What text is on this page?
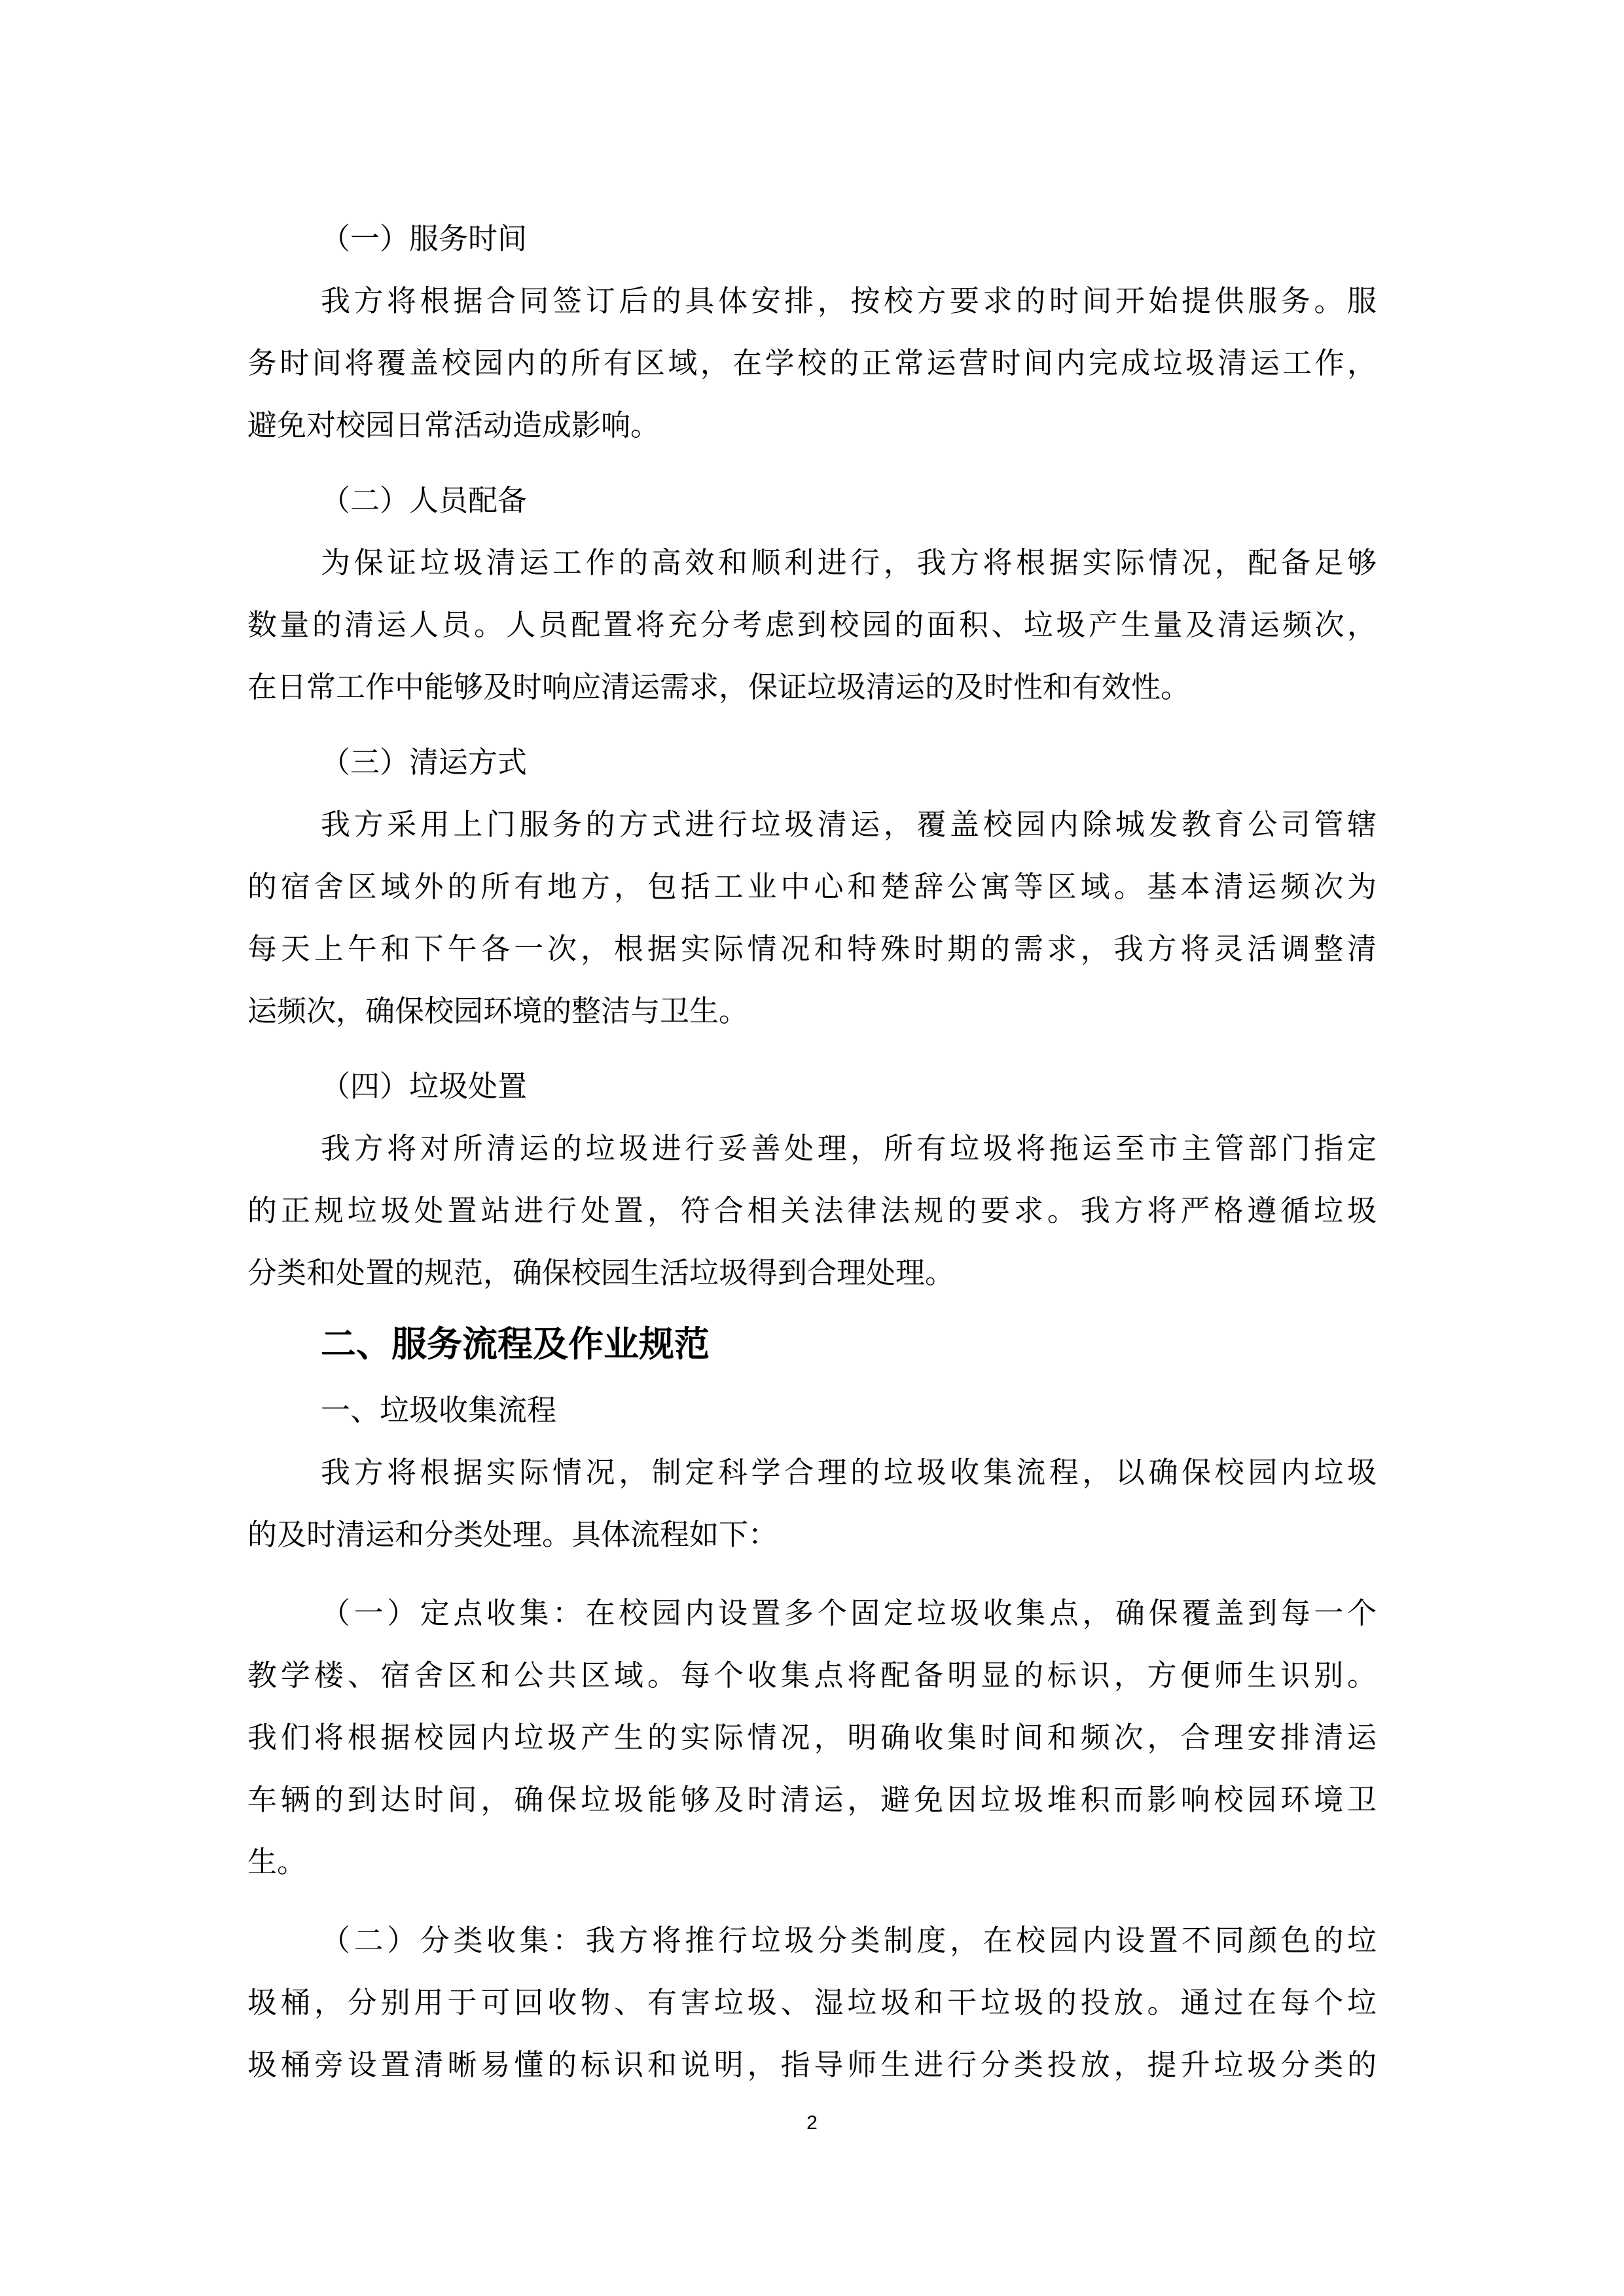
（一）服务时间
我方将根据合同签订后的具体安排，按校方要求的时间开始提供服务。服
务时间将覆盖校园内的所有区域，在学校的正常运营时间内完成垃圾清运工作，
避免对校园日常活动造成影响。
（二）人员配备
为保证垃圾清运工作的高效和顺利进行，我方将根据实际情况，配备足够
数量的清运人员。人员配置将充分考虑到校园的面积、垃圾产生量及清运频次，
在日常工作中能够及时响应清运需求，保证垃圾清运的及时性和有效性。
（三）清运方式
我方采用上门服务的方式进行垃圾清运，覆盖校园内除城发教育公司管辖
的宿舍区域外的所有地方，包括工业中心和楚辞公寓等区域。基本清运频次为
每天上午和下午各一次，根据实际情况和特殊时期的需求，我方将灵活调整清
运频次，确保校园环境的整洁与卫生。
（四）垃圾处置
我方将对所清运的垃圾进行妥善处理，所有垃圾将拖运至市主管部门指定
的正规垃圾处置站进行处置，符合相关法律法规的要求。我方将严格遵循垃圾
分类和处置的规范，确保校园生活垃圾得到合理处理。
二、服务流程及作业规范
一、垃圾收集流程
我方将根据实际情况，制定科学合理的垃圾收集流程，以确保校园内垃圾
的及时清运和分类处理。具体流程如下：
（一）定点收集：在校园内设置多个固定垃圾收集点，确保覆盖到每一个
教学楼、宿舍区和公共区域。每个收集点将配备明显的标识，方便师生识别。
我们将根据校园内垃圾产生的实际情况，明确收集时间和频次，合理安排清运
车辆的到达时间，确保垃圾能够及时清运，避免因垃圾堆积而影响校园环境卫
生。
（二）分类收集：我方将推行垃圾分类制度，在校园内设置不同颜色的垃
圾桶，分别用于可回收物、有害垃圾、湿垃圾和干垃圾的投放。通过在每个垃
圾桶旁设置清晰易懂的标识和说明，指导师生进行分类投放，提升垃圾分类的
2
